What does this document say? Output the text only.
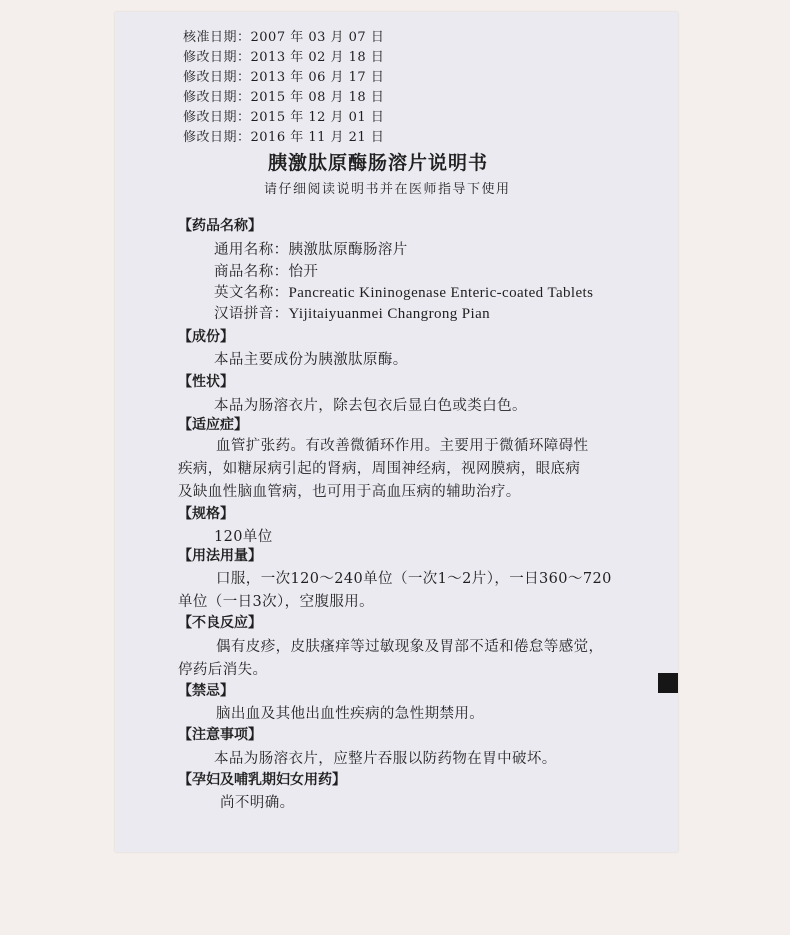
核准日期：2007 年 03 月 07 日
修改日期：2013 年 02 月 18 日
修改日期：2013 年 06 月 17 日
修改日期：2015 年 08 月 18 日
修改日期：2015 年 12 月 01 日
修改日期：2016 年 11 月 21 日
胰激肽原酶肠溶片说明书
请仔细阅读说明书并在医师指导下使用
【药品名称】
通用名称：胰激肽原酶肠溶片
商品名称：怡开
英文名称：Pancreatic Kininogenase Enteric-coated Tablets
汉语拼音：Yijitaiyuanmei Changrong Pian
【成份】
本品主要成份为胰激肽原酶。
【性状】
本品为肠溶衣片，除去包衣后显白色或类白色。
【适应症】
血管扩张药。有改善微循环作用。主要用于微循环障碍性
疾病，如糖尿病引起的肾病，周围神经病，视网膜病，眼底病
及缺血性脑血管病，也可用于高血压病的辅助治疗。
【规格】
120单位
【用法用量】
口服，一次120～240单位（一次1～2片），一日360～720
单位（一日3次），空腹服用。
【不良反应】
偶有皮疹，皮肤瘙痒等过敏现象及胃部不适和倦怠等感觉，
停药后消失。
【禁忌】
脑出血及其他出血性疾病的急性期禁用。
【注意事项】
本品为肠溶衣片，应整片吞服以防药物在胃中破坏。
【孕妇及哺乳期妇女用药】
尚不明确。
